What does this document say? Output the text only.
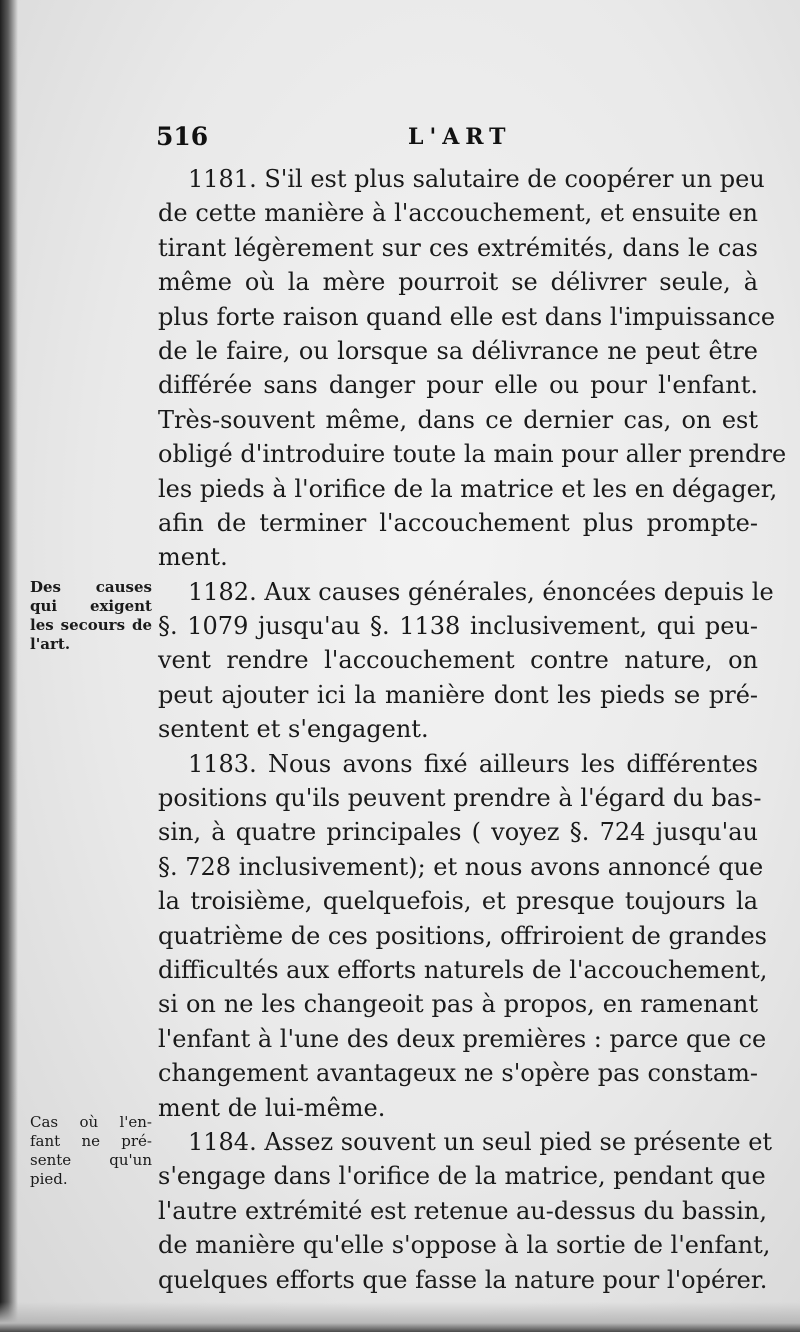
516	L'ART
Des causes
qui exigent
les secours de
l'art.
Cas où l'en-
fant ne pré-
sente qu'un
pied.
1181. S'il est plus salutaire de coopérer un peu
de cette manière à l'accouchement, et ensuite en
tirant légèrement sur ces extrémités, dans le cas
même où la mère pourroit se délivrer seule, à
plus forte raison quand elle est dans l'impuissance
de le faire, ou lorsque sa délivrance ne peut être
différée sans danger pour elle ou pour l'enfant.
Très-souvent même, dans ce dernier cas, on est
obligé d'introduire toute la main pour aller prendre
les pieds à l'orifice de la matrice et les en dégager,
afin de terminer l'accouchement plus promptе-
ment.
1182. Aux causes générales, énoncées depuis le
§. 1079 jusqu'au §. 1138 inclusivement, qui peu-
vent rendre l'accouchement contre nature, on
peut ajouter ici la manière dont les pieds se pré-
sentent et s'engagent.
1183. Nous avons fixé ailleurs les différentes
positions qu'ils peuvent prendre à l'égard du bas-
sin, à quatre principales ( voyez §. 724 jusqu'au
§. 728 inclusivement); et nous avons annoncé que
la troisième, quelquefois, et presque toujours la
quatrième de ces positions, offriroient de grandes
difficultés aux efforts naturels de l'accouchement,
si on ne les changeoit pas à propos, en ramenant
l'enfant à l'une des deux premières : parce que ce
changement avantageux ne s'opère pas constam-
ment de lui-même.
1184. Assez souvent un seul pied se présente et
s'engage dans l'orifice de la matrice, pendant que
l'autre extrémité est retenue au-dessus du bassin,
de manière qu'elle s'oppose à la sortie de l'enfant,
quelques efforts que fasse la nature pour l'opérer.
